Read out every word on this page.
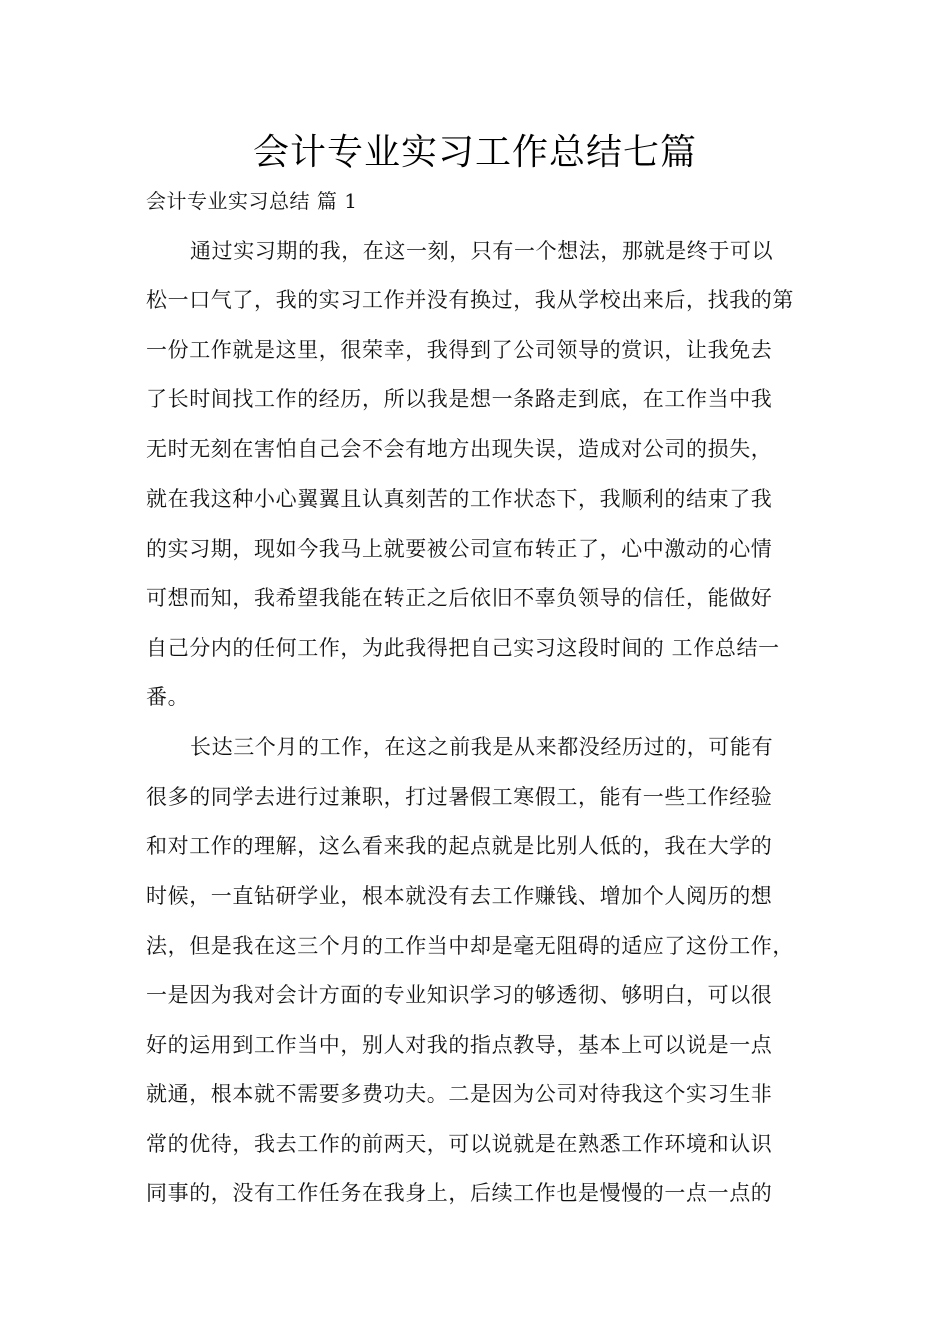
会计专业实习工作总结七篇
会计专业实习总结 篇 1
通过实习期的我，在这一刻，只有一个想法，那就是终于可以
松一口气了，我的实习工作并没有换过，我从学校出来后，找我的第
一份工作就是这里，很荣幸，我得到了公司领导的赏识，让我免去
了长时间找工作的经历，所以我是想一条路走到底，在工作当中我
无时无刻在害怕自己会不会有地方出现失误，造成对公司的损失，
就在我这种小心翼翼且认真刻苦的工作状态下，我顺利的结束了我
的实习期，现如今我马上就要被公司宣布转正了，心中激动的心情
可想而知，我希望我能在转正之后依旧不辜负领导的信任，能做好
自己分内的任何工作，为此我得把自己实习这段时间的 工作总结一
番。
长达三个月的工作，在这之前我是从来都没经历过的，可能有
很多的同学去进行过兼职，打过暑假工寒假工，能有一些工作经验
和对工作的理解，这么看来我的起点就是比别人低的，我在大学的
时候，一直钻研学业，根本就没有去工作赚钱、增加个人阅历的想
法，但是我在这三个月的工作当中却是毫无阻碍的适应了这份工作，
一是因为我对会计方面的专业知识学习的够透彻、够明白，可以很
好的运用到工作当中，别人对我的指点教导，基本上可以说是一点
就通，根本就不需要多费功夫。二是因为公司对待我这个实习生非
常的优待，我去工作的前两天，可以说就是在熟悉工作环境和认识
同事的，没有工作任务在我身上，后续工作也是慢慢的一点一点的
